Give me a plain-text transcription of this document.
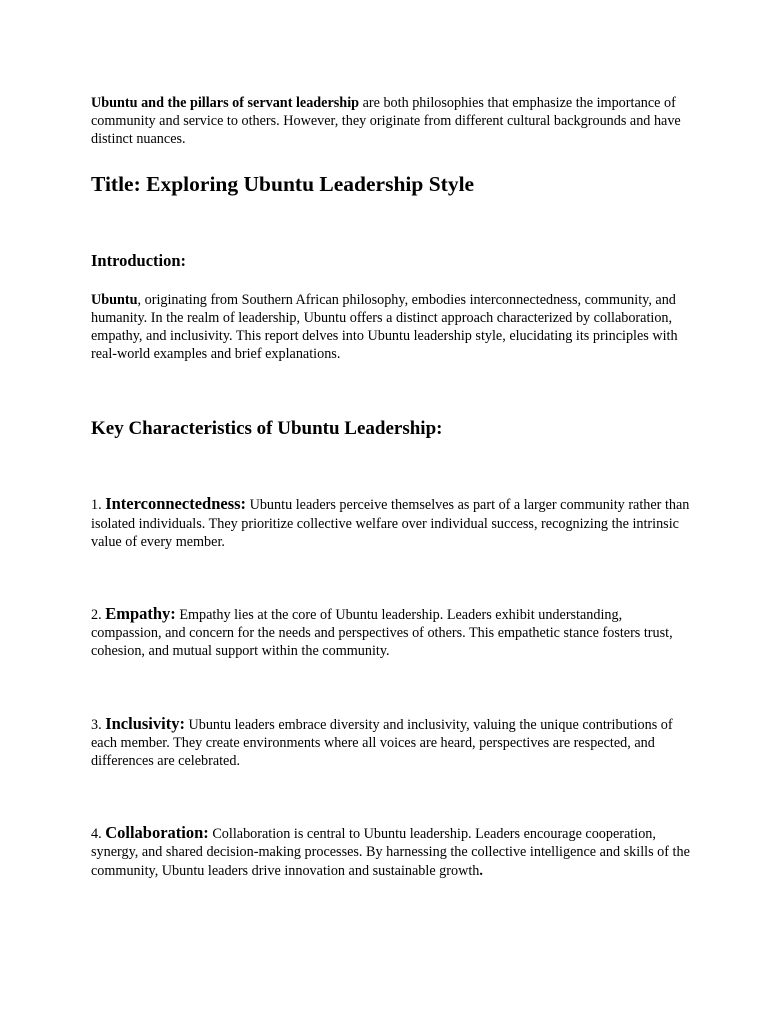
Ubuntu and the pillars of servant leadership are both philosophies that emphasize the importance of community and service to others. However, they originate from different cultural backgrounds and have distinct nuances.

Title: Exploring Ubuntu Leadership Style
Introduction:

Ubuntu, originating from Southern African philosophy, embodies interconnectedness, community, and humanity. In the realm of leadership, Ubuntu offers a distinct approach characterized by collaboration, empathy, and inclusivity. This report delves into Ubuntu leadership style, elucidating its principles with real-world examples and brief explanations.

Key Characteristics of Ubuntu Leadership:

1. Interconnectedness: Ubuntu leaders perceive themselves as part of a larger community rather than isolated individuals. They prioritize collective welfare over individual success, recognizing the intrinsic value of every member.

2. Empathy: Empathy lies at the core of Ubuntu leadership. Leaders exhibit understanding, compassion, and concern for the needs and perspectives of others. This empathetic stance fosters trust, cohesion, and mutual support within the community.

3. Inclusivity: Ubuntu leaders embrace diversity and inclusivity, valuing the unique contributions of each member. They create environments where all voices are heard, perspectives are respected, and differences are celebrated.

4. Collaboration: Collaboration is central to Ubuntu leadership. Leaders encourage cooperation, synergy, and shared decision-making processes. By harnessing the collective intelligence and skills of the community, Ubuntu leaders drive innovation and sustainable growth.
